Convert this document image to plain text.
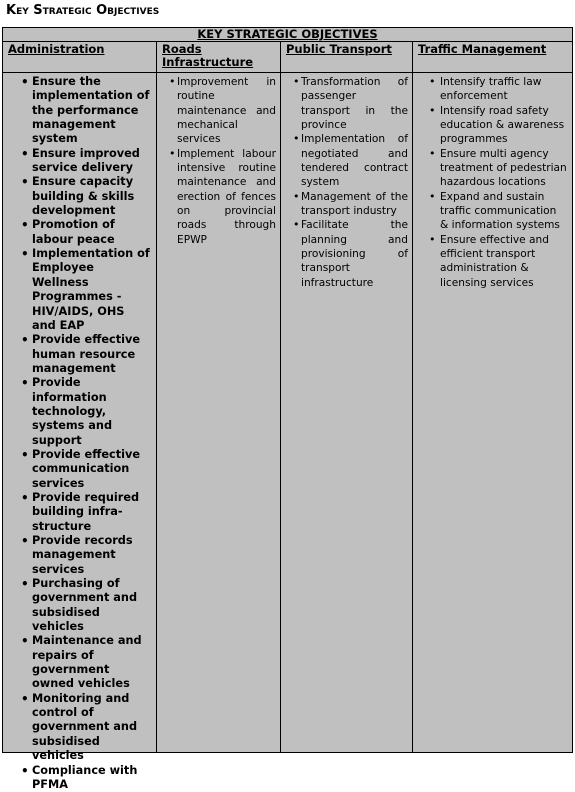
Key Strategic Objectives
KEY STRATEGIC OBJECTIVES
Administration
• Ensure the implementation of the performance management system
• Ensure improved service delivery
• Ensure capacity building & skills development
• Promotion of labour peace
• Implementation of Employee Wellness Programmes - HIV/AIDS, OHS and EAP
• Provide effective human resource management
• Provide information technology, systems and support
• Provide effective communication services
• Provide required building infra-structure
• Provide records management services
• Purchasing of government and subsidised vehicles
• Maintenance and repairs of government owned vehicles
• Monitoring and control of government and subsidised vehicles
• Compliance with PFMA
Roads Infrastructure
• Improvement in routine maintenance and mechanical services
• Implement labour intensive routine maintenance and erection of fences on provincial roads through EPWP
Public Transport
• Transformation of passenger transport in the province
• Implementation of negotiated and tendered contract system
• Management of the transport industry
• Facilitate the planning and provisioning of transport infrastructure
Traffic Management
• Intensify traffic law enforcement
• Intensify road safety education & awareness programmes
• Ensure multi agency treatment of pedestrian hazardous locations
• Expand and sustain traffic communication & information systems
• Ensure effective and efficient transport administration & licensing services
